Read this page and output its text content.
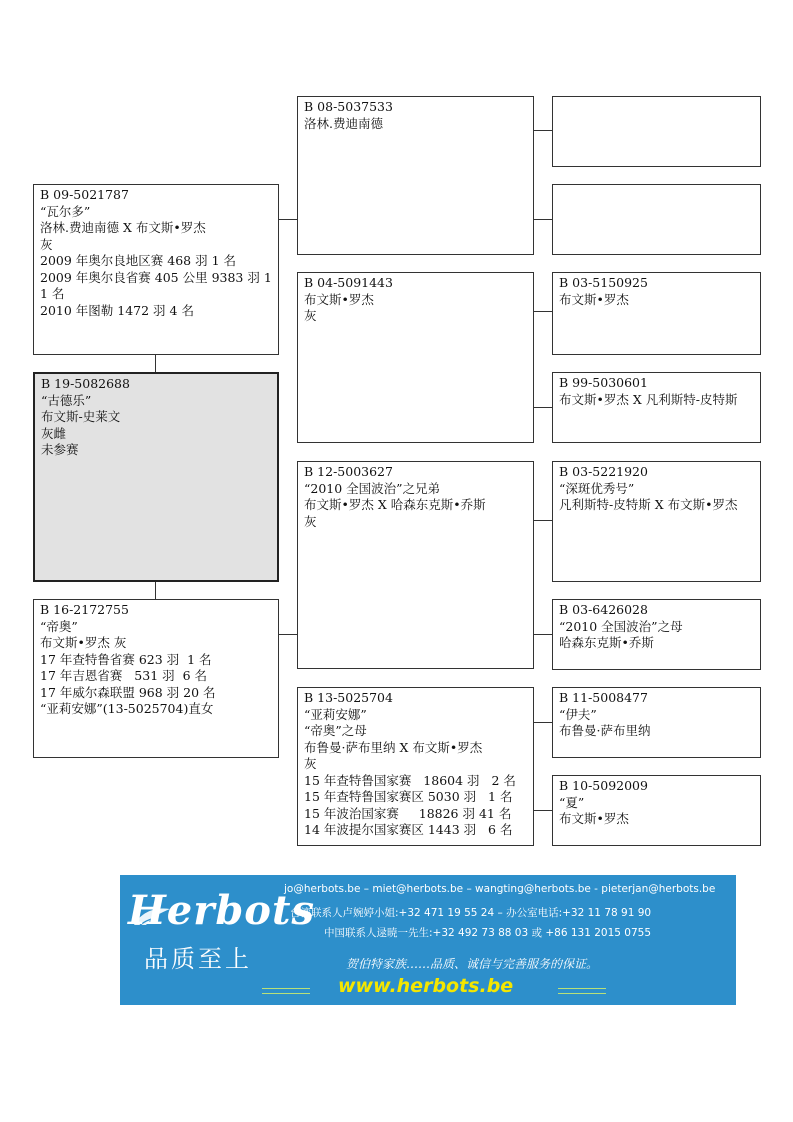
B 09-5021787
“瓦尔多”
洛林.费迪南德 X 布文斯•罗杰
灰
2009 年奥尔良地区赛 468 羽 1 名
2009 年奥尔良省赛 405 公里 9383 羽 11 名
2010 年图勒 1472 羽 4 名
B 19-5082688
“古德乐”
布文斯-史莱文
灰雌
未参赛
B 16-2172755
“帝奥”
布文斯•罗杰 灰
17 年查特鲁省赛 623 羽  1 名
17 年吉恩省赛   531 羽  6 名
17 年威尔森联盟 968 羽 20 名
“亚莉安娜”(13-5025704)直女
B 08-5037533
洛林.费迪南德
B 04-5091443
布文斯•罗杰
灰
B 12-5003627
“2010 全国波治”之兄弟
布文斯•罗杰 X 哈森东克斯•乔斯
灰
B 13-5025704
“亚莉安娜”
“帝奥”之母
布鲁曼·萨布里纳 X 布文斯•罗杰
灰
15 年查特鲁国家赛   18604 羽   2 名
15 年查特鲁国家赛区 5030 羽   1 名
15 年波治国家赛     18826 羽 41 名
14 年波提尔国家赛区 1443 羽   6 名
B 03-5150925
布文斯•罗杰
B 99-5030601
布文斯•罗杰 X 凡利斯特-皮特斯
B 03-5221920
“深斑优秀号”
凡利斯特-皮特斯 X 布文斯•罗杰
B 03-6426028
“2010 全国波治”之母
哈森东克斯•乔斯
B 11-5008477
“伊夫”
布鲁曼·萨布里纳
B 10-5092009
“夏”
布文斯•罗杰
Herbots
品质至上
jo@herbots.be – miet@herbots.be – wangting@herbots.be - pieterjan@herbots.be
台湾联系人卢婉婷小姐:+32 471 19 55 24 – 办公室电话:+32 11 78 91 90
中国联系人逯暁一先生:+32 492 73 88 03 或 +86 131 2015 0755
贺伯特家族……品质、诚信与完善服务的保证。
www.herbots.be
